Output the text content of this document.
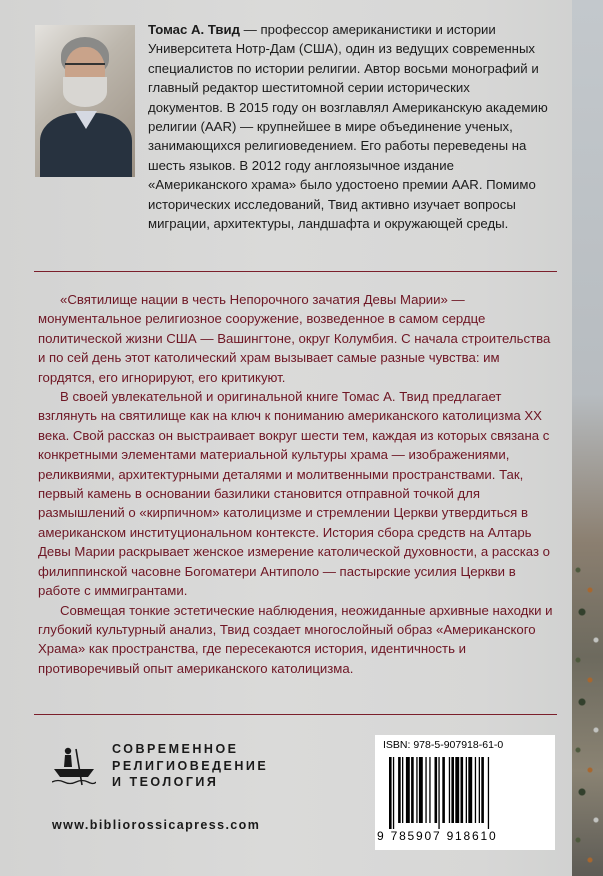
Томас А. Твид — профессор американистики и истории Университета Нотр-Дам (США), один из ведущих современных специалистов по истории религии. Автор восьми монографий и главный редактор шеститомной серии исторических документов. В 2015 году он возглавлял Американскую академию религии (AAR) — крупнейшее в мире объединение ученых, занимающихся религиоведением. Его работы переведены на шесть языков. В 2012 году англоязычное издание «Американского храма» было удостоено премии AAR. Помимо исторических исследований, Твид активно изучает вопросы миграции, архитектуры, ландшафта и окружающей среды.

«Святилище нации в честь Непорочного зачатия Девы Марии» — монументальное религиозное сооружение, возведенное в самом сердце политической жизни США — Вашингтоне, округ Колумбия. С начала строительства и по сей день этот католический храм вызывает самые разные чувства: им гордятся, его игнорируют, его критикуют.

В своей увлекательной и оригинальной книге Томас А. Твид предлагает взглянуть на святилище как на ключ к пониманию американского католицизма XX века. Свой рассказ он выстраивает вокруг шести тем, каждая из которых связана с конкретными элементами материальной культуры храма — изображениями, реликвиями, архитектурными деталями и молитвенными пространствами. Так, первый камень в основании базилики становится отправной точкой для размышлений о «кирпичном» католицизме и стремлении Церкви утвердиться в американском институциональном контексте. История сбора средств на Алтарь Девы Марии раскрывает женское измерение католической духовности, а рассказ о филиппинской часовне Богоматери Антиполо — пастырские усилия Церкви в работе с иммигрантами.

Совмещая тонкие эстетические наблюдения, неожиданные архивные находки и глубокий культурный анализ, Твид создает многослойный образ «Американского Храма» как пространства, где пересекаются история, идентичность и противоречивый опыт американского католицизма.

СОВРЕМЕННОЕ
РЕЛИГИОВЕДЕНИЕ
И ТЕОЛОГИЯ
www.bibliorossicapress.com
ISBN: 978-5-907918-61-0
9 785907 918610
